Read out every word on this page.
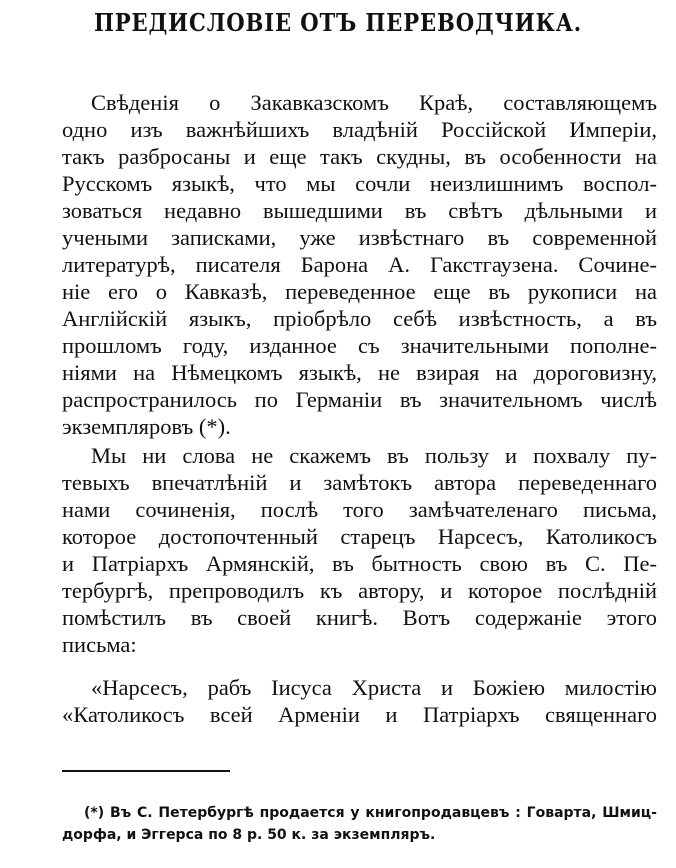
ПРЕДИСЛОВІЕ ОТЪ ПЕРЕВОДЧИКА.
Свѣденія о Закавказскомъ Краѣ, составляющемъ
одно изъ важнѣйшихъ владѣній Россійской Имперіи,
такъ разбросаны и еще такъ скудны, въ особенности на
Русскомъ языкѣ, что мы сочли неизлишнимъ воспол-
зоваться недавно вышедшими въ свѣтъ дѣльными и
учеными записками, уже извѣстнаго въ современной
литературѣ, писателя Барона А. Гакстгаузена. Сочине-
ніе его о Кавказѣ, переведенное еще въ рукописи на
Англійскій языкъ, пріобрѣло себѣ извѣстность, а въ
прошломъ году, изданное съ значительными пополне-
ніями на Нѣмецкомъ языкѣ, не взирая на дороговизну,
распространилось по Германіи въ значительномъ числѣ
экземпляровъ (*).
Мы ни слова не скажемъ въ пользу и похвалу пу-
тевыхъ впечатлѣній и замѣтокъ автора переведеннаго
нами сочиненія, послѣ того замѣчателенаго письма,
которое достопочтенный старецъ Нарсесъ, Католикосъ
и Патріархъ Армянскій, въ бытность свою въ С. Пе-
тербургѣ, препроводилъ къ автору, и которое послѣдній
помѣстилъ въ своей книгѣ. Вотъ содержаніе этого
письма:
«Нарсесъ, рабъ Іисуса Христа и Божіею милостію
«Католикосъ всей Арменіи и Патріархъ священнаго
(*) Въ С. Петербургѣ продается у книгопродавцевъ : Говарта, Шмиц-
дорфа, и Эггерса по 8 р. 50 к. за экземпляръ.
